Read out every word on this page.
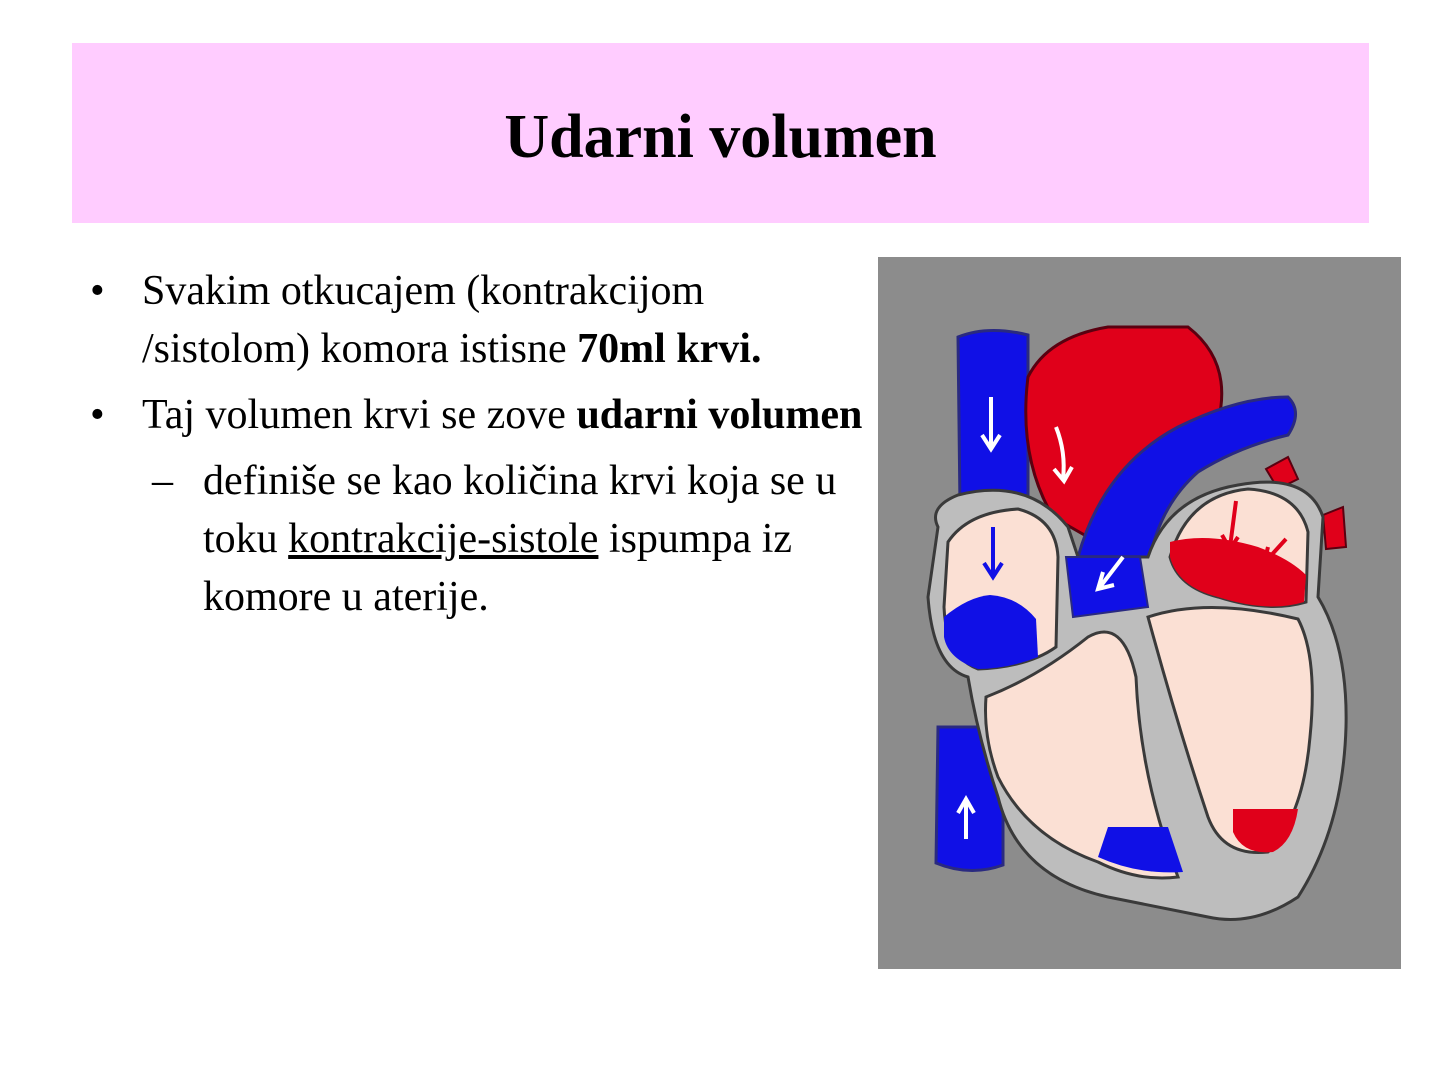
Udarni volumen
• Svakim otkucajem (kontrakcijom /sistolom) komora istisne 70ml krvi.
• Taj volumen krvi se zove udarni volumen
– definiše se kao količina krvi koja se u toku kontrakcije-sistole ispumpa iz komore u aterije.
